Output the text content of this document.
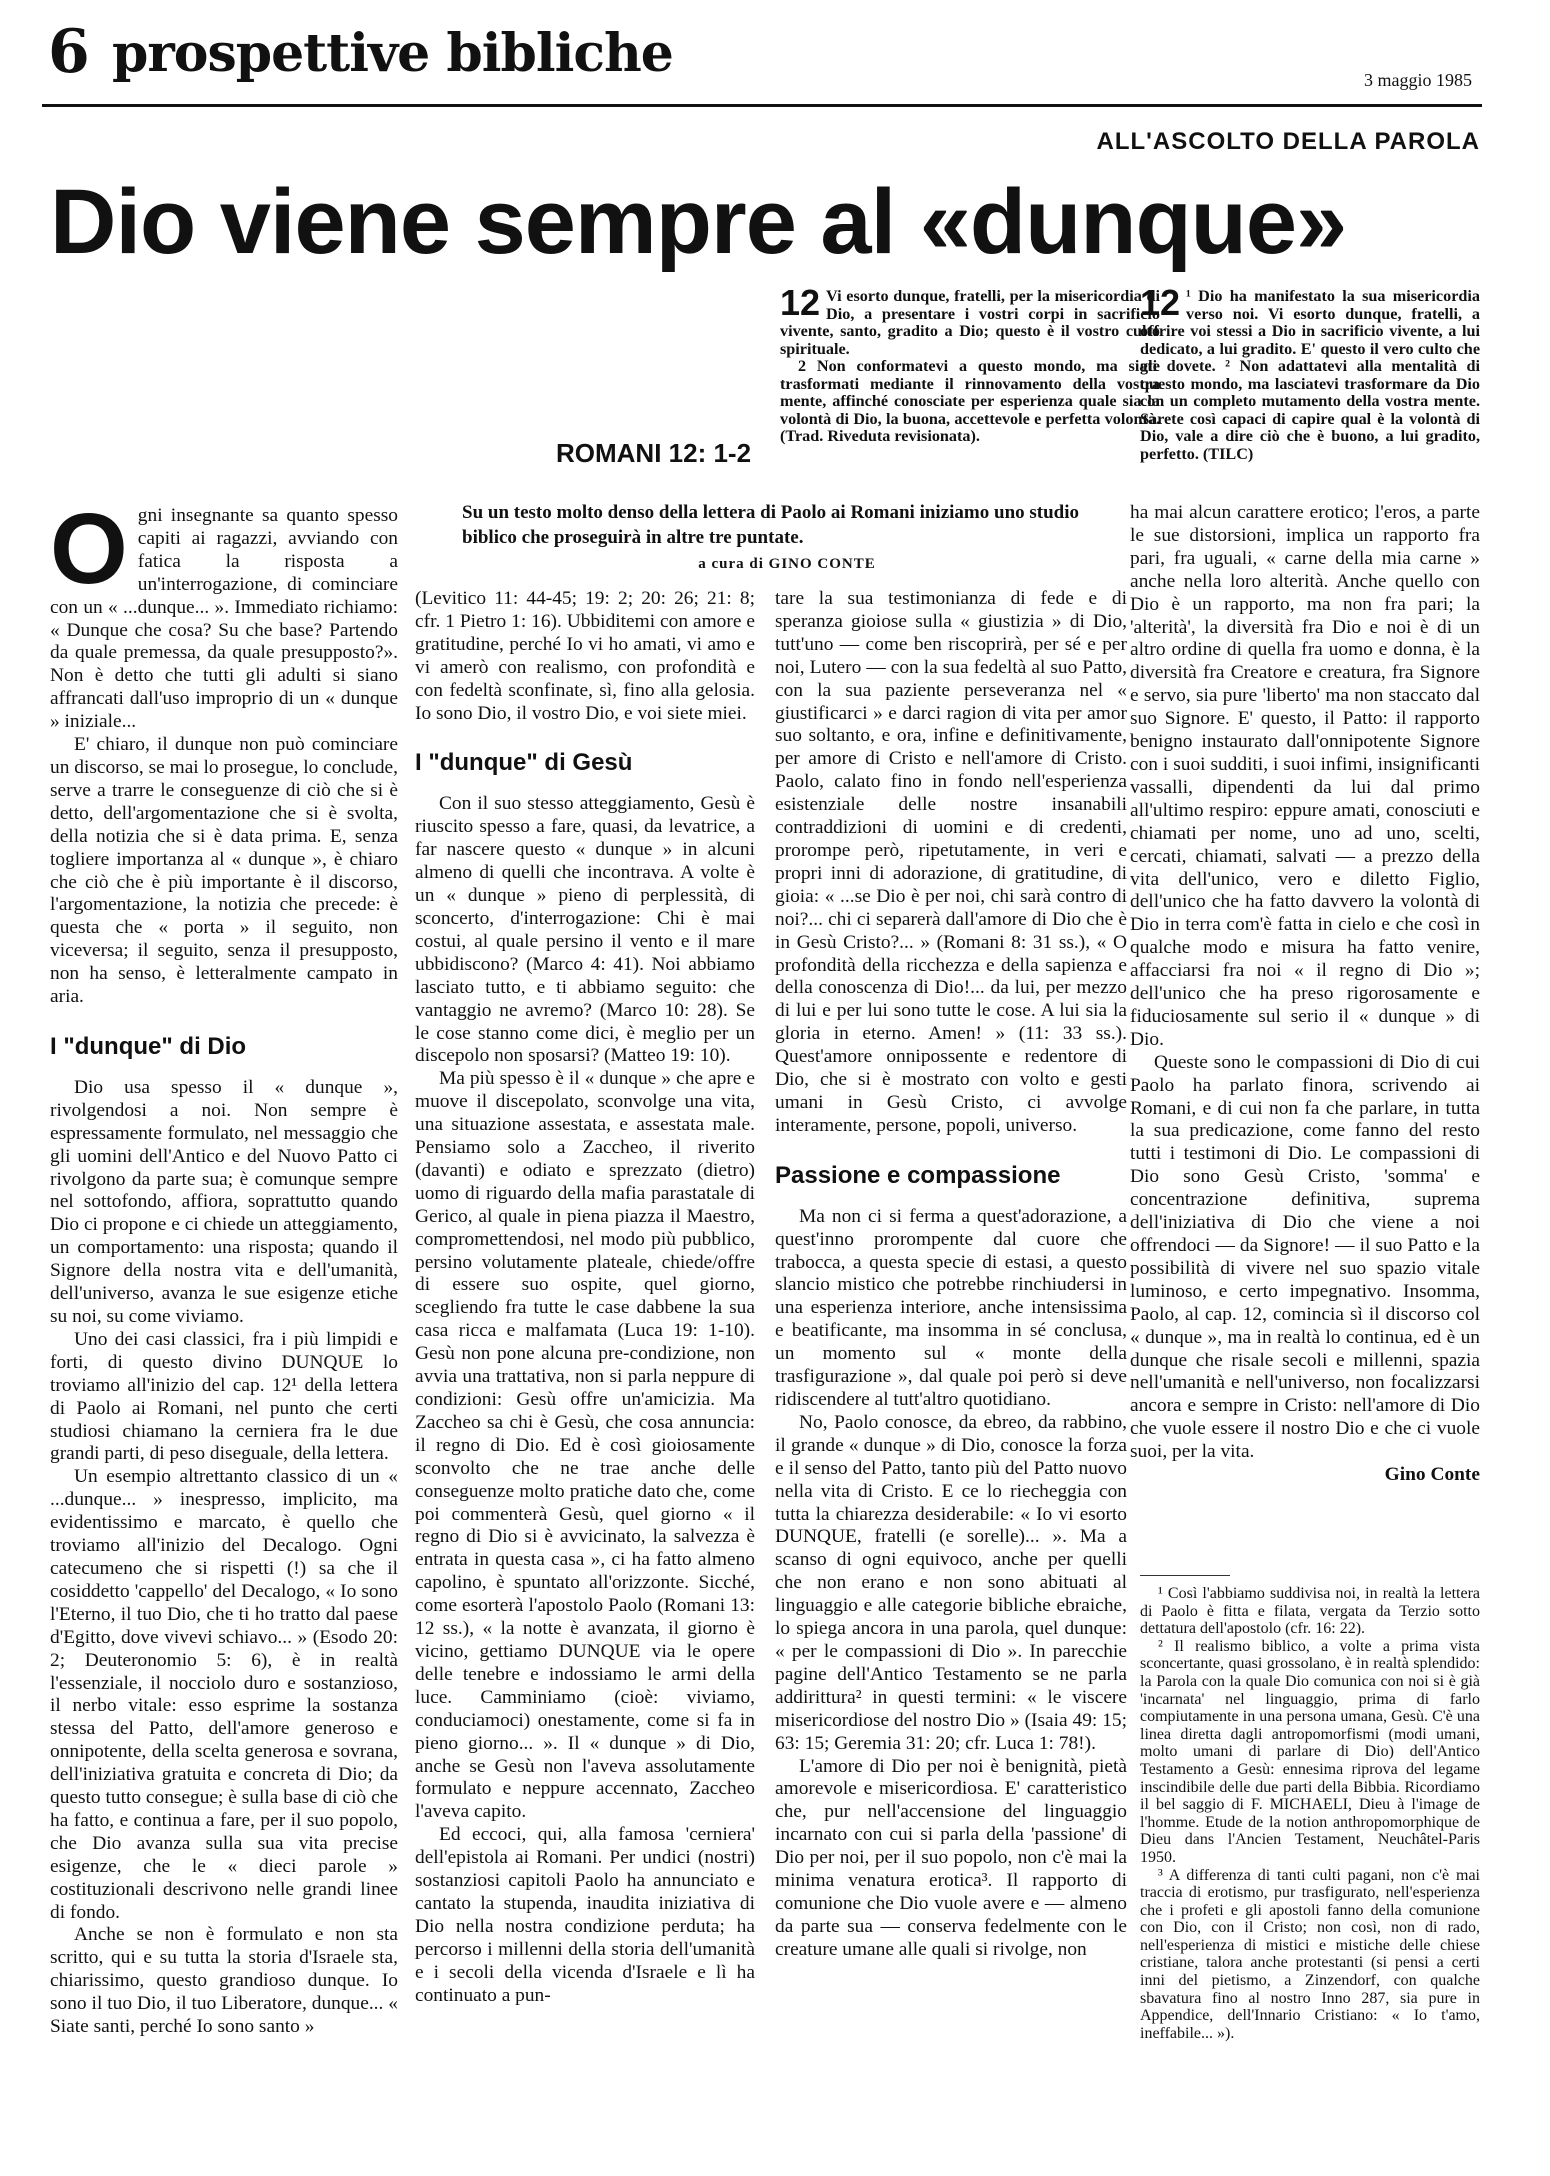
6 prospettive bibliche	3 maggio 1985
ALL'ASCOLTO DELLA PAROLA
Dio viene sempre al «dunque»
12 Vi esorto dunque, fratelli, per la misericordia di Dio, a presentare i vostri corpi in sacrificio vivente, santo, gradito a Dio; questo è il vostro culto spirituale.

2 Non conformatevi a questo mondo, ma siate trasformati mediante il rinnovamento della vostra mente, affinché conosciate per esperienza quale sia la volontà di Dio, la buona, accettevole e perfetta volontà. (Trad. Riveduta revisionata).

ROMANI 12: 1-2
12 ¹ Dio ha manifestato la sua misericordia verso noi. Vi esorto dunque, fratelli, a offrire voi stessi a Dio in sacrificio vivente, a lui dedicato, a lui gradito. E' questo il vero culto che gli dovete. ² Non adattatevi alla mentalità di questo mondo, ma lasciatevi trasformare da Dio con un completo mutamento della vostra mente. Sarete così capaci di capire qual è la volontà di Dio, vale a dire ciò che è buono, a lui gradito, perfetto. (TILC)

Su un testo molto denso della lettera di Paolo ai Romani iniziamo uno studio biblico che proseguirà in altre tre puntate.
a cura di GINO CONTE
O gni insegnante sa quanto spesso capiti ai ragazzi, avviando con fatica la risposta a un'interrogazione, di cominciare con un « ...dunque... ». Immediato richiamo: « Dunque che cosa? Su che base? Partendo da quale premessa, da quale presupposto?». Non è detto che tutti gli adulti si siano affrancati dall'uso improprio di un « dunque » iniziale...

E' chiaro, il dunque non può cominciare un discorso, se mai lo prosegue, lo conclude, serve a trarre le conseguenze di ciò che si è detto, dell'argomentazione che si è svolta, della notizia che si è data prima. E, senza togliere importanza al « dunque », è chiaro che ciò che è più importante è il discorso, l'argomentazione, la notizia che precede: è questa che « porta » il seguito, non viceversa; il seguito, senza il presupposto, non ha senso, è letteralmente campato in aria.

I "dunque" di Dio

Dio usa spesso il « dunque », rivolgendosi a noi. Non sempre è espressamente formulato, nel messaggio che gli uomini dell'Antico e del Nuovo Patto ci rivolgono da parte sua; è comunque sempre nel sottofondo, affiora, soprattutto quando Dio ci propone e ci chiede un atteggiamento, un comportamento: una risposta; quando il Signore della nostra vita e dell'umanità, dell'universo, avanza le sue esigenze etiche su noi, su come viviamo.

Uno dei casi classici, fra i più limpidi e forti, di questo divino DUNQUE lo troviamo all'inizio del cap. 12¹ della lettera di Paolo ai Romani, nel punto che certi studiosi chiamano la cerniera fra le due grandi parti, di peso diseguale, della lettera.

Un esempio altrettanto classico di un « ...dunque... » inespresso, implicito, ma evidentissimo e marcato, è quello che troviamo all'inizio del Decalogo. Ogni catecumeno che si rispetti (!) sa che il cosiddetto 'cappello' del Decalogo, « Io sono l'Eterno, il tuo Dio, che ti ho tratto dal paese d'Egitto, dove vivevi schiavo... » (Esodo 20: 2; Deuteronomio 5: 6), è in realtà l'essenziale, il nocciolo duro e sostanzioso, il nerbo vitale: esso esprime la sostanza stessa del Patto, dell'amore generoso e onnipotente, della scelta generosa e sovrana, dell'iniziativa gratuita e concreta di Dio; da questo tutto consegue; è sulla base di ciò che ha fatto, e continua a fare, per il suo popolo, che Dio avanza sulla sua vita precise esigenze, che le « dieci parole » costituzionali descrivono nelle grandi linee di fondo.

Anche se non è formulato e non sta scritto, qui e su tutta la storia d'Israele sta, chiarissimo, questo grandioso dunque. Io sono il tuo Dio, il tuo Liberatore, dunque... « Siate santi, perché Io sono santo »

(Levitico 11: 44-45; 19: 2; 20: 26; 21: 8; cfr. 1 Pietro 1: 16). Ubbiditemi con amore e gratitudine, perché Io vi ho amati, vi amo e vi amerò con realismo, con profondità e con fedeltà sconfinate, sì, fino alla gelosia. Io sono Dio, il vostro Dio, e voi siete miei.

I "dunque" di Gesù

Con il suo stesso atteggiamento, Gesù è riuscito spesso a fare, quasi, da levatrice, a far nascere questo « dunque » in alcuni almeno di quelli che incontrava. A volte è un « dunque » pieno di perplessità, di sconcerto, d'interrogazione: Chi è mai costui, al quale persino il vento e il mare ubbidiscono? (Marco 4: 41). Noi abbiamo lasciato tutto, e ti abbiamo seguito: che vantaggio ne avremo? (Marco 10: 28). Se le cose stanno come dici, è meglio per un discepolo non sposarsi? (Matteo 19: 10).

Ma più spesso è il « dunque » che apre e muove il discepolato, sconvolge una vita, una situazione assestata, e assestata male. Pensiamo solo a Zaccheo, il riverito (davanti) e odiato e sprezzato (dietro) uomo di riguardo della mafia parastatale di Gerico, al quale in piena piazza il Maestro, compromettendosi, nel modo più pubblico, persino volutamente plateale, chiede/offre di essere suo ospite, quel giorno, scegliendo fra tutte le case dabbene la sua casa ricca e malfamata (Luca 19: 1-10). Gesù non pone alcuna pre-condizione, non avvia una trattativa, non si parla neppure di condizioni: Gesù offre un'amicizia. Ma Zaccheo sa chi è Gesù, che cosa annuncia: il regno di Dio. Ed è così gioiosamente sconvolto che ne trae anche delle conseguenze molto pratiche dato che, come poi commenterà Gesù, quel giorno « il regno di Dio si è avvicinato, la salvezza è entrata in questa casa », ci ha fatto almeno capolino, è spuntato all'orizzonte. Sicché, come esorterà l'apostolo Paolo (Romani 13: 12 ss.), « la notte è avanzata, il giorno è vicino, gettiamo DUNQUE via le opere delle tenebre e indossiamo le armi della luce. Camminiamo (cioè: viviamo, conduciamoci) onestamente, come si fa in pieno giorno... ». Il « dunque » di Dio, anche se Gesù non l'aveva assolutamente formulato e neppure accennato, Zaccheo l'aveva capito.

Ed eccoci, qui, alla famosa 'cerniera' dell'epistola ai Romani. Per undici (nostri) sostanziosi capitoli Paolo ha annunciato e cantato la stupenda, inaudita iniziativa di Dio nella nostra condizione perduta; ha percorso i millenni della storia dell'umanità e i secoli della vicenda d'Israele e lì ha continuato a pun-

tare la sua testimonianza di fede e di speranza gioiose sulla « giustizia » di Dio, tutt'uno — come ben riscoprirà, per sé e per noi, Lutero — con la sua fedeltà al suo Patto, con la sua paziente perseveranza nel « giustificarci » e darci ragion di vita per amor suo soltanto, e ora, infine e definitivamente, per amore di Cristo e nell'amore di Cristo. Paolo, calato fino in fondo nell'esperienza esistenziale delle nostre insanabili contraddizioni di uomini e di credenti, prorompe però, ripetutamente, in veri e propri inni di adorazione, di gratitudine, di gioia: « ...se Dio è per noi, chi sarà contro di noi?... chi ci separerà dall'amore di Dio che è in Gesù Cristo?... » (Romani 8: 31 ss.), « O profondità della ricchezza e della sapienza e della conoscenza di Dio!... da lui, per mezzo di lui e per lui sono tutte le cose. A lui sia la gloria in eterno. Amen! » (11: 33 ss.). Quest'amore onnipossente e redentore di Dio, che si è mostrato con volto e gesti umani in Gesù Cristo, ci avvolge interamente, persone, popoli, universo.

Passione e compassione

Ma non ci si ferma a quest'adorazione, a quest'inno prorompente dal cuore che trabocca, a questa specie di estasi, a questo slancio mistico che potrebbe rinchiudersi in una esperienza interiore, anche intensissima e beatificante, ma insomma in sé conclusa, un momento sul « monte della trasfigurazione », dal quale poi però si deve ridiscendere al tutt'altro quotidiano.

No, Paolo conosce, da ebreo, da rabbino, il grande « dunque » di Dio, conosce la forza e il senso del Patto, tanto più del Patto nuovo nella vita di Cristo. E ce lo riecheggia con tutta la chiarezza desiderabile: « Io vi esorto DUNQUE, fratelli (e sorelle)... ». Ma a scanso di ogni equivoco, anche per quelli che non erano e non sono abituati al linguaggio e alle categorie bibliche ebraiche, lo spiega ancora in una parola, quel dunque: « per le compassioni di Dio ». In parecchie pagine dell'Antico Testamento se ne parla addirittura² in questi termini: « le viscere misericordiose del nostro Dio » (Isaia 49: 15; 63: 15; Geremia 31: 20; cfr. Luca 1: 78!).

L'amore di Dio per noi è benignità, pietà amorevole e misericordiosa. E' caratteristico che, pur nell'accensione del linguaggio incarnato con cui si parla della 'passione' di Dio per noi, per il suo popolo, non c'è mai la minima venatura erotica³. Il rapporto di comunione che Dio vuole avere e — almeno da parte sua — conserva fedelmente con le creature umane alle quali si rivolge, non

ha mai alcun carattere erotico; l'eros, a parte le sue distorsioni, implica un rapporto fra pari, fra uguali, « carne della mia carne » anche nella loro alterità. Anche quello con Dio è un rapporto, ma non fra pari; la 'alterità', la diversità fra Dio e noi è di un altro ordine di quella fra uomo e donna, è la diversità fra Creatore e creatura, fra Signore e servo, sia pure 'liberto' ma non staccato dal suo Signore. E' questo, il Patto: il rapporto benigno instaurato dall'onnipotente Signore con i suoi sudditi, i suoi infimi, insignificanti vassalli, dipendenti da lui dal primo all'ultimo respiro: eppure amati, conosciuti e chiamati per nome, uno ad uno, scelti, cercati, chiamati, salvati — a prezzo della vita dell'unico, vero e diletto Figlio, dell'unico che ha fatto davvero la volontà di Dio in terra com'è fatta in cielo e che così in qualche modo e misura ha fatto venire, affacciarsi fra noi « il regno di Dio »; dell'unico che ha preso rigorosamente e fiduciosamente sul serio il « dunque » di Dio.

Queste sono le compassioni di Dio di cui Paolo ha parlato finora, scrivendo ai Romani, e di cui non fa che parlare, in tutta la sua predicazione, come fanno del resto tutti i testimoni di Dio. Le compassioni di Dio sono Gesù Cristo, 'somma' e concentrazione definitiva, suprema dell'iniziativa di Dio che viene a noi offrendoci — da Signore! — il suo Patto e la possibilità di vivere nel suo spazio vitale luminoso, e certo impegnativo. Insomma, Paolo, al cap. 12, comincia sì il discorso col « dunque », ma in realtà lo continua, ed è un dunque che risale secoli e millenni, spazia nell'umanità e nell'universo, non focalizzarsi ancora e sempre in Cristo: nell'amore di Dio che vuole essere il nostro Dio e che ci vuole suoi, per la vita.

Gino Conte

¹ Così l'abbiamo suddivisa noi, in realtà la lettera di Paolo è fitta e filata, vergata da Terzio sotto dettatura dell'apostolo (cfr. 16: 22).

² Il realismo biblico, a volte a prima vista sconcertante, quasi grossolano, è in realtà splendido: la Parola con la quale Dio comunica con noi si è già 'incarnata' nel linguaggio, prima di farlo compiutamente in una persona umana, Gesù. C'è una linea diretta dagli antropomorfismi (modi umani, molto umani di parlare di Dio) dell'Antico Testamento a Gesù: ennesima riprova del legame inscindibile delle due parti della Bibbia. Ricordiamo il bel saggio di F. MICHAELI, Dieu à l'image de l'homme. Etude de la notion anthropomorphique de Dieu dans l'Ancien Testament, Neuchâtel-Paris 1950.

³ A differenza di tanti culti pagani, non c'è mai traccia di erotismo, pur trasfigurato, nell'esperienza che i profeti e gli apostoli fanno della comunione con Dio, con il Cristo; non così, non di rado, nell'esperienza di mistici e mistiche delle chiese cristiane, talora anche protestanti (si pensi a certi inni del pietismo, a Zinzendorf, con qualche sbavatura fino al nostro Inno 287, sia pure in Appendice, dell'Innario Cristiano: « Io t'amo, ineffabile... »).
